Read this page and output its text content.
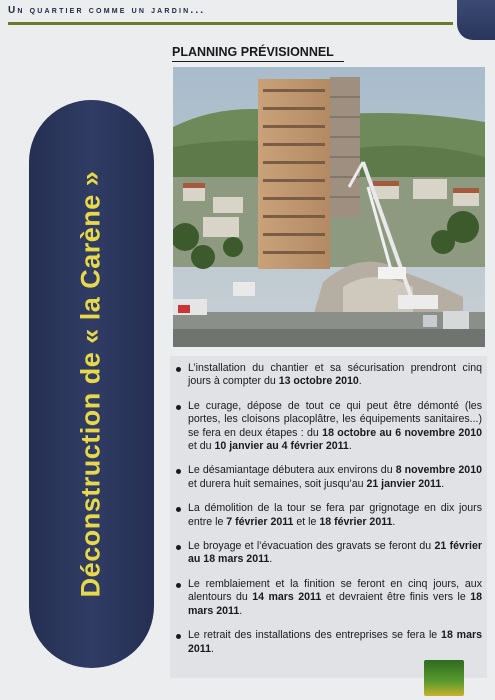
Un quartier comme un jardin...
Déconstruction de « la Carène »
PLANNING PRÉVISIONNEL
L’installation du chantier et sa sécurisation prendront cinq jours à compter du 13 octobre 2010.
Le curage, dépose de tout ce qui peut être démonté (les portes, les cloisons placoplâtre, les équipements sanitaires...) se fera en deux étapes : du 18 octobre au 6 novembre 2010 et du 10 janvier au 4 février 2011.
Le désamiantage débutera aux environs du 8 novembre 2010 et durera huit semaines, soit jusqu’au 21 janvier 2011.
La démolition de la tour se fera par grignotage en dix jours entre le 7 février 2011 et le 18 février 2011.
Le broyage et l’évacuation des gravats se feront du 21 février au 18 mars 2011.
Le remblaiement et la finition se feront en cinq jours, aux alentours du 14 mars 2011 et devraient être finis vers le 18 mars 2011.
Le retrait des installations des entreprises se fera le 18 mars 2011.
